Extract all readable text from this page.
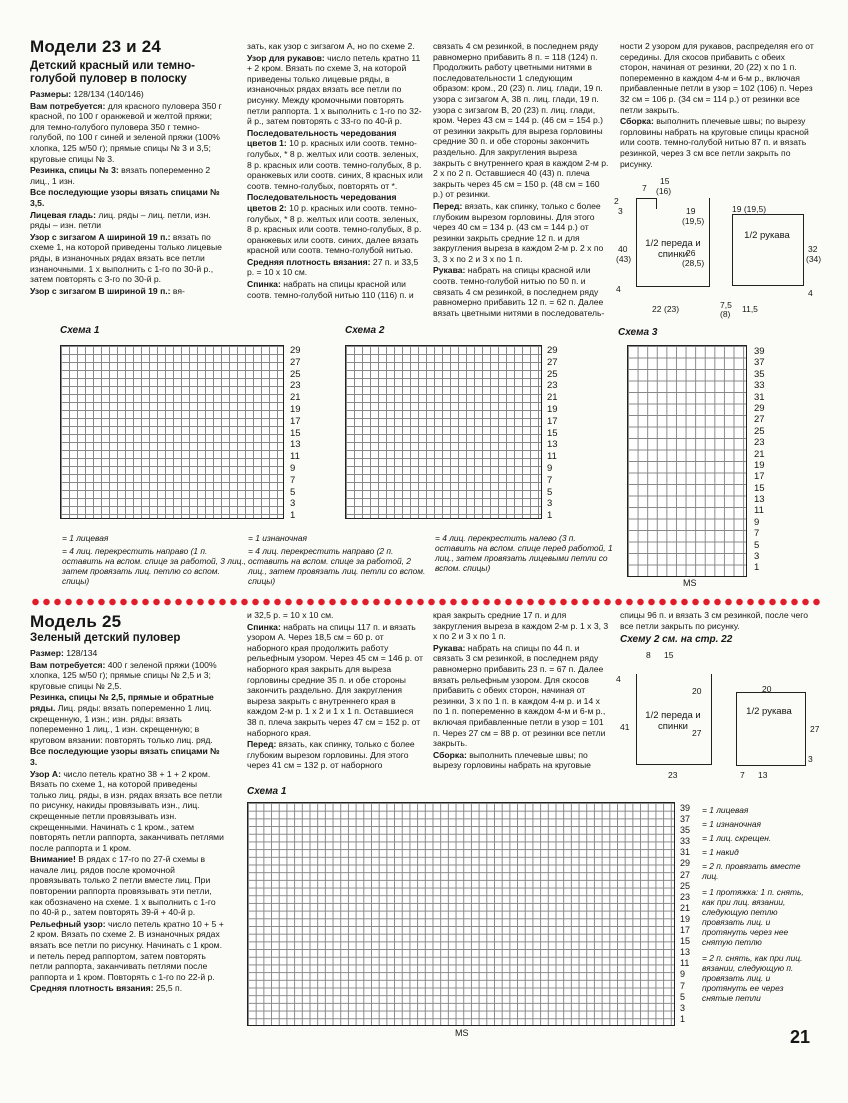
Модели 23 и 24
Детский красный или темно-голубой пуловер в полоску

Размеры: 128/134 (140/146)

Вам потребуется: для красного пуловера 350 г красной, по 100 г оранжевой и желтой пряжи; для темно-голубого пуловера 350 г темно-голубой, по 100 г синей и зеленой пряжи (100% хлопка, 125 м/50 г); прямые спицы № 3 и 3,5; круговые спицы № 3.

Резинка, спицы № 3: вязать попеременно 2 лиц., 1 изн.

Все последующие узоры вязать спицами № 3,5.

Лицевая гладь: лиц. ряды – лиц. петли, изн. ряды – изн. петли

Узор с зигзагом А шириной 19 п.: вязать по схеме 1, на которой приведены только лицевые ряды, в изнаночных рядах вязать все петли изнаночными. 1 x выполнить с 1-го по 30-й р., затем повторять с 3-го по 30-й р.

Узор с зигзагом В шириной 19 п.: вя-

зать, как узор с зигзагом А, но по схеме 2.

Узор для рукавов: число петель кратно 11 + 2 кром. Вязать по схеме 3, на которой приведены только лицевые ряды, в изнаночных рядах вязать все петли по рисунку. Между кромочными повторять петли раппорта. 1 x выполнить с 1-го по 32-й р., затем повторять с 33-го по 40-й р.

Последовательность чередования цветов 1: 10 р. красных или соотв. темно-голубых, * 8 р. желтых или соотв. зеленых, 8 р. красных или соотв. темно-голубых, 8 р. оранжевых или соотв. синих, 8 красных или соотв. темно-голубых, повторять от *.

Последовательность чередования цветов 2: 10 р. красных или соотв. темно-голубых, * 8 р. желтых или соотв. зеленых, 8 р. красных или соотв. темно-голубых, 8 р. оранжевых или соотв. синих, далее вязать красной или соотв. темно-голубой нитью.

Средняя плотность вязания: 27 п. и 33,5 р. = 10 x 10 см.

Спинка: набрать на спицы красной или соотв. темно-голубой нитью 110 (116) п. и

связать 4 см резинкой, в последнем ряду равномерно прибавить 8 п. = 118 (124) п. Продолжить работу цветными нитями в последовательности 1 следующим образом: кром., 20 (23) п. лиц. глади, 19 п. узора с зигзагом А, 38 п. лиц. глади, 19 п. узора с зигзагом В, 20 (23) п. лиц. глади, кром. Через 43 см = 144 р. (46 см = 154 р.) от резинки закрыть для выреза горловины средние 30 п. и обе стороны закончить раздельно. Для закругления выреза закрыть с внутреннего края в каждом 2-м р. 2 x по 2 п. Оставшиеся 40 (43) п. плеча закрыть через 45 см = 150 р. (48 см = 160 р.) от резинки.

Перед: вязать, как спинку, только с более глубоким вырезом горловины. Для этого через 40 см = 134 р. (43 см = 144 р.) от резинки закрыть средние 12 п. и для закругления выреза в каждом 2-м р. 2 x по 3, 3 x по 2 и 3 x по 1 п.

Рукава: набрать на спицы красной или соотв. темно-голубой нитью по 50 п. и связать 4 см резинкой, в последнем ряду равномерно прибавить 12 п. = 62 п. Далее вязать цветными нитями в последователь-

ности 2 узором для рукавов, распределяя его от середины. Для скосов прибавить с обеих сторон, начиная от резинки, 20 (22) x по 1 п. попеременно в каждом 4-м и 6-м р., включая прибавленные петли в узор = 102 (106) п. Через 32 см = 106 р. (34 см = 114 р.) от резинки все петли закрыть.

Сборка: выполнить плечевые швы; по вырезу горловины набрать на круговые спицы красной или соотв. темно-голубой нитью 87 п. и вязать резинкой, через 3 см все петли закрыть по рисунку.

1/2 переда и спинки
1/2 рукава
7
15
(16)
19
(19,5)
40
(43)
26
(28,5)
22 (23)
4
2
3	19 (19,5)
32
(34)
7,5
(8) 11,5
4
Схема 1
29
27
25
23
21
19
17
15
13
11
9
7
5
3
1
Схема 2
29
27
25
23
21
19
17
15
13
11
9
7
5
3
1
Схема 3
39
37
35
33
31
29
27
25
23
21
19
17
15
13
11
9
7
5
3
1
MS
= 1 лицевая
= 4 лиц. перекрестить направо (1 п. оставить на вспом. спице за работой, 3 лиц., затем провязать лиц. петлю со вспом. спицы)
= 1 изнаночная
= 4 лиц. перекрестить направо (2 п. оставить на вспом. спице за работой, 2 лиц., затем провязать лиц. петли со вспом. спицы)
= 4 лиц. перекрестить налево (3 п. оставить на вспом. спице перед работой, 1 лиц., затем провязать лицевыми петли со вспом. спицы)
Модель 25
Зеленый детский пуловер

Размер: 128/134

Вам потребуется: 400 г зеленой пряжи (100% хлопка, 125 м/50 г); прямые спицы № 2,5 и 3; круговые спицы № 2,5.

Резинка, спицы № 2,5, прямые и обратные ряды. Лиц. ряды: вязать попеременно 1 лиц. скрещенную, 1 изн.; изн. ряды: вязать попеременно 1 лиц., 1 изн. скрещенную; в круговом вязании: повторять только лиц. ряд.

Все последующие узоры вязать спицами № 3.

Узор А: число петель кратно 38 + 1 + 2 кром. Вязать по схеме 1, на которой приведены только лиц. ряды, в изн. рядах вязать все петли по рисунку, накиды провязывать изн., лиц. скрещенные петли провязывать изн. скрещенными. Начинать с 1 кром., затем повторять петли раппорта, заканчивать петлями после раппорта и 1 кром.

Внимание! В рядах с 17-го по 27-й схемы в начале лиц. рядов после кромочной провязывать только 2 петли вместе лиц. При повторении раппорта провязывать эти петли, как обозначено на схеме. 1 x выполнить с 1-го по 40-й р., затем повторять 39-й + 40-й р.

Рельефный узор: число петель кратно 10 + 5 + 2 кром. Вязать по схеме 2. В изнаночных рядах вязать все петли по рисунку. Начинать с 1 кром. и петель перед раппортом, затем повторять петли раппорта, заканчивать петлями после раппорта и 1 кром. Повторять с 1-го по 22-й р.

Средняя плотность вязания: 25,5 п.

и 32,5 р. = 10 x 10 см.

Спинка: набрать на спицы 117 п. и вязать узором А. Через 18,5 см = 60 р. от наборного края продолжить работу рельефным узором. Через 45 см = 146 р. от наборного края закрыть для выреза горловины средние 35 п. и обе стороны закончить раздельно. Для закругления выреза закрыть с внутреннего края в каждом 2-м р. 1 x 2 и 1 x 1 п. Оставшиеся 38 п. плеча закрыть через 47 см = 152 р. от наборного края.

Перед: вязать, как спинку, только с более глубоким вырезом горловины. Для этого через 41 см = 132 р. от наборного

края закрыть средние 17 п. и для закругления выреза в каждом 2-м р. 1 x 3, 3 x по 2 и 3 x по 1 п.

Рукава: набрать на спицы по 44 п. и связать 3 см резинкой, в последнем ряду равномерно прибавить 23 п. = 67 п. Далее вязать рельефным узором. Для скосов прибавить с обеих сторон, начиная от резинки, 3 x по 1 п. в каждом 4-м р. и 14 x по 1 п. попеременно в каждом 4-м и 6-м р., включая прибавленные петли в узор = 101 п. Через 27 см = 88 р. от резинки все петли закрыть.

Сборка: выполнить плечевые швы; по вырезу горловины набрать на круговые

спицы 96 п. и вязать 3 см резинкой, после чего все петли закрыть по рисунку.

Схему 2 см. на стр. 22
1/2 переда и спинки
1/2 рукава
8 15
4
41
20
27
23
20
27
3
7 13
Схема 1
39
37
35
33
31
29
27
25
23
21
19
17
15
13
11
9
7
5
3
1
MS
= 1 лицевая
= 1 изнаночная
= 1 лиц. скрещен.
= 1 накид
= 2 п. провязать вместе лиц.
= 1 протяжка: 1 п. снять, как при лиц. вязании, следующую петлю провязать лиц. и протянуть через нее снятую петлю
= 2 п. снять, как при лиц. вязании, следующую п. провязать лиц. и протянуть ее через снятые петли
21
